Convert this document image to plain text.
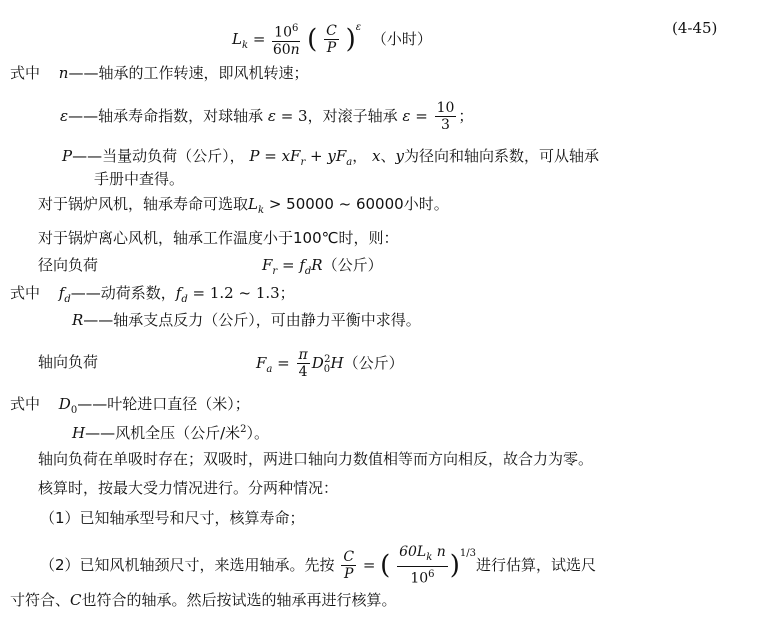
$L_k = \frac{10^6}{60n}$ ( $\frac{C}{P} )^\varepsilon$ （小时）
(4-45)
式中 n——轴承的工作转速，即风机转速；
ε——轴承寿命指数，对球轴承 ε = 3，对滚子轴承 $\varepsilon = \frac{10}{3}$ ；
P——当量动负荷（公斤）， $P = xF_r + yF_a$， x、y为径向和轴向系数，可从轴承
手册中查得。
对于锅炉风机，轴承寿命可选取$L_k > 50000$ ~ 60000小时。
对于锅炉离心风机，轴承工作温度小于100℃时，则：
径向负荷	$F_r = f_dR$（公斤）
式中 $f_d——$动荷系数，$f_d = 1.2$ ~ 1.3；
R——轴承支点反力（公斤），可由静力平衡中求得。
轴向负荷	$F_a = \frac{\pi}{4} D_0^2H$（公斤）
式中 $D_0——$叶轮进口直径（米）；
H——风机全压（公斤/米$^2$）。
轴向负荷在单吸时存在；双吸时，两进口轴向力数值相等而方向相反，故合力为零。
核算时，按最大受力情况进行。分两种情况：
（1）已知轴承型号和尺寸，核算寿命；
（2）已知风机轴颈尺寸，来选用轴承。先按 $\frac{C}{P}$ = ( $\frac{60L_k n}{10^6} )^{1/3}$进行估算，试选尺
寸符合、C也符合的轴承。然后按试选的轴承再进行核算。
